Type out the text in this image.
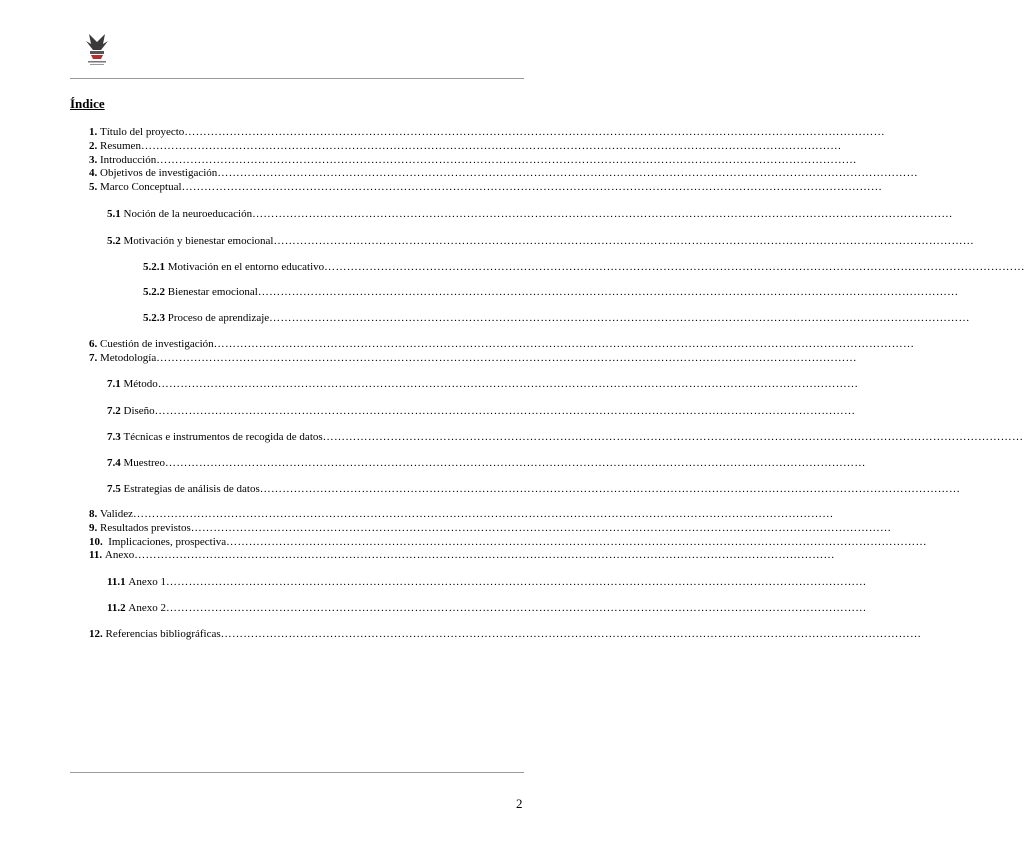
Índice
1.
Título del proyecto ……………………………………………………………………………………………………………………………………………………………………
2.
Resumen ……………………………………………………………………………………………………………………………………………………………………
3.
Introducción ……………………………………………………………………………………………………………………………………………………………………
4.
Objetivos de investigación ……………………………………………………………………………………………………………………………………………………………………
5.
Marco Conceptual ……………………………………………………………………………………………………………………………………………………………………
5.1
Noción de la neuroeducación ……………………………………………………………………………………………………………………………………………………………………
5.2
Motivación y bienestar emocional ……………………………………………………………………………………………………………………………………………………………………
5.2.1
Motivación en el entorno educativo ……………………………………………………………………………………………………………………………………………………………………
5.2.2
Bienestar emocional ……………………………………………………………………………………………………………………………………………………………………
5.2.3
Proceso de aprendizaje ……………………………………………………………………………………………………………………………………………………………………
6.
Cuestión de investigación ……………………………………………………………………………………………………………………………………………………………………
7.
Metodología ……………………………………………………………………………………………………………………………………………………………………
7.1
Método ……………………………………………………………………………………………………………………………………………………………………
7.2
Diseño ……………………………………………………………………………………………………………………………………………………………………
7.3
Técnicas e instrumentos de recogida de datos ……………………………………………………………………………………………………………………………………………………………………
7.4
Muestreo ……………………………………………………………………………………………………………………………………………………………………
7.5
Estrategias de análisis de datos ……………………………………………………………………………………………………………………………………………………………………
8.
Validez ……………………………………………………………………………………………………………………………………………………………………
9.
Resultados previstos ……………………………………………………………………………………………………………………………………………………………………
10.
Implicaciones, prospectiva ……………………………………………………………………………………………………………………………………………………………………
11.
Anexo ……………………………………………………………………………………………………………………………………………………………………
11.1
Anexo 1 ……………………………………………………………………………………………………………………………………………………………………
11.2
Anexo 2 ……………………………………………………………………………………………………………………………………………………………………
12.
Referencias bibliográficas ……………………………………………………………………………………………………………………………………………………………………
2
